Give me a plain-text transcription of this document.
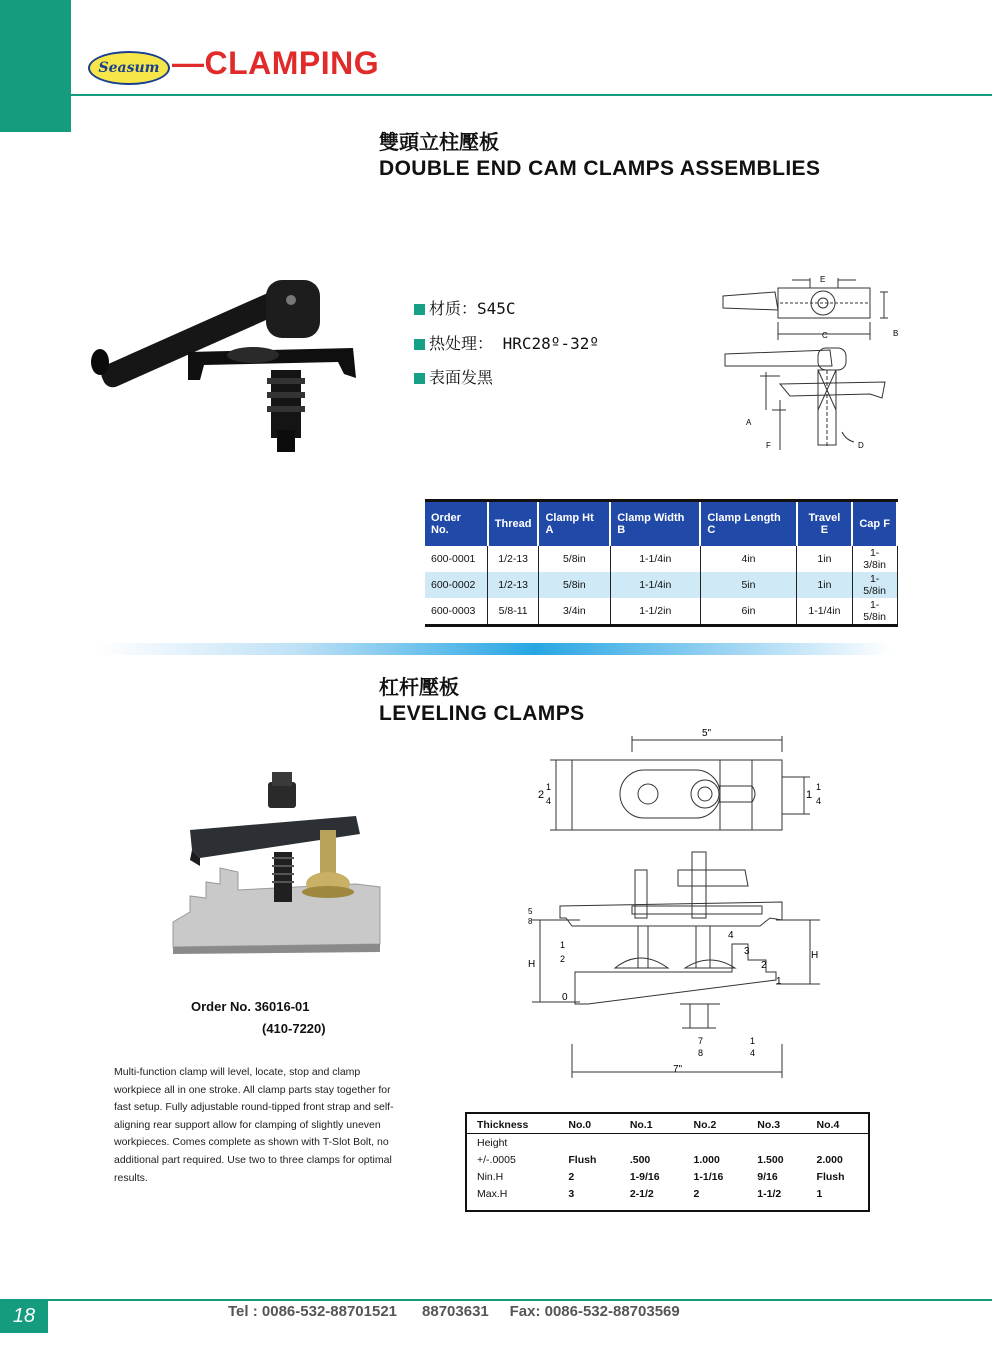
Seasum —CLAMPING
雙頭立柱壓板
DOUBLE END CAM CLAMPS ASSEMBLIES
材质：S45C
热处理： HRC28º-32º
表面发黑
E
C	B
A
F	D
Order No.	Thread	Clamp Ht A	Clamp Width B	Clamp Length C	Travel E	Cap F
600-0001	1/2-13	5/8in	1-1/4in	4in	1in	1-3/8in
600-0002	1/2-13	5/8in	1-1/4in	5in	1in	1-5/8in
600-0003	5/8-11	3/4in	1-1/2in	6in	1-1/4in	1-5/8in
杠杆壓板
LEVELING CLAMPS
Order No. 36016-01
(410-7220)
Multi-function clamp will level, locate, stop and clamp workpiece all in one stroke. All clamp parts stay together for fast setup. Fully adjustable round-tipped front strap and self-aligning rear support allow for clamping of slightly uneven workpieces. Comes complete as shown with T-Slot Bolt, no additional part required. Use two to three clamps for optimal results.
5"
2
1
4	1
1
4
5
8
H
1
2	H
0
1
2
3
4
7
8
1
4
7"
Thickness	No.0	No.1	No.2	No.3	No.4
Height					
+/-.0005	Flush	.500	1.000	1.500	2.000
Nin.H	2	1-9/16	1-1/16	9/16	Flush
Max.H	3	2-1/2	2	1-1/2	1
18	Tel : 0086-532-88701521      88703631     Fax: 0086-532-88703569
